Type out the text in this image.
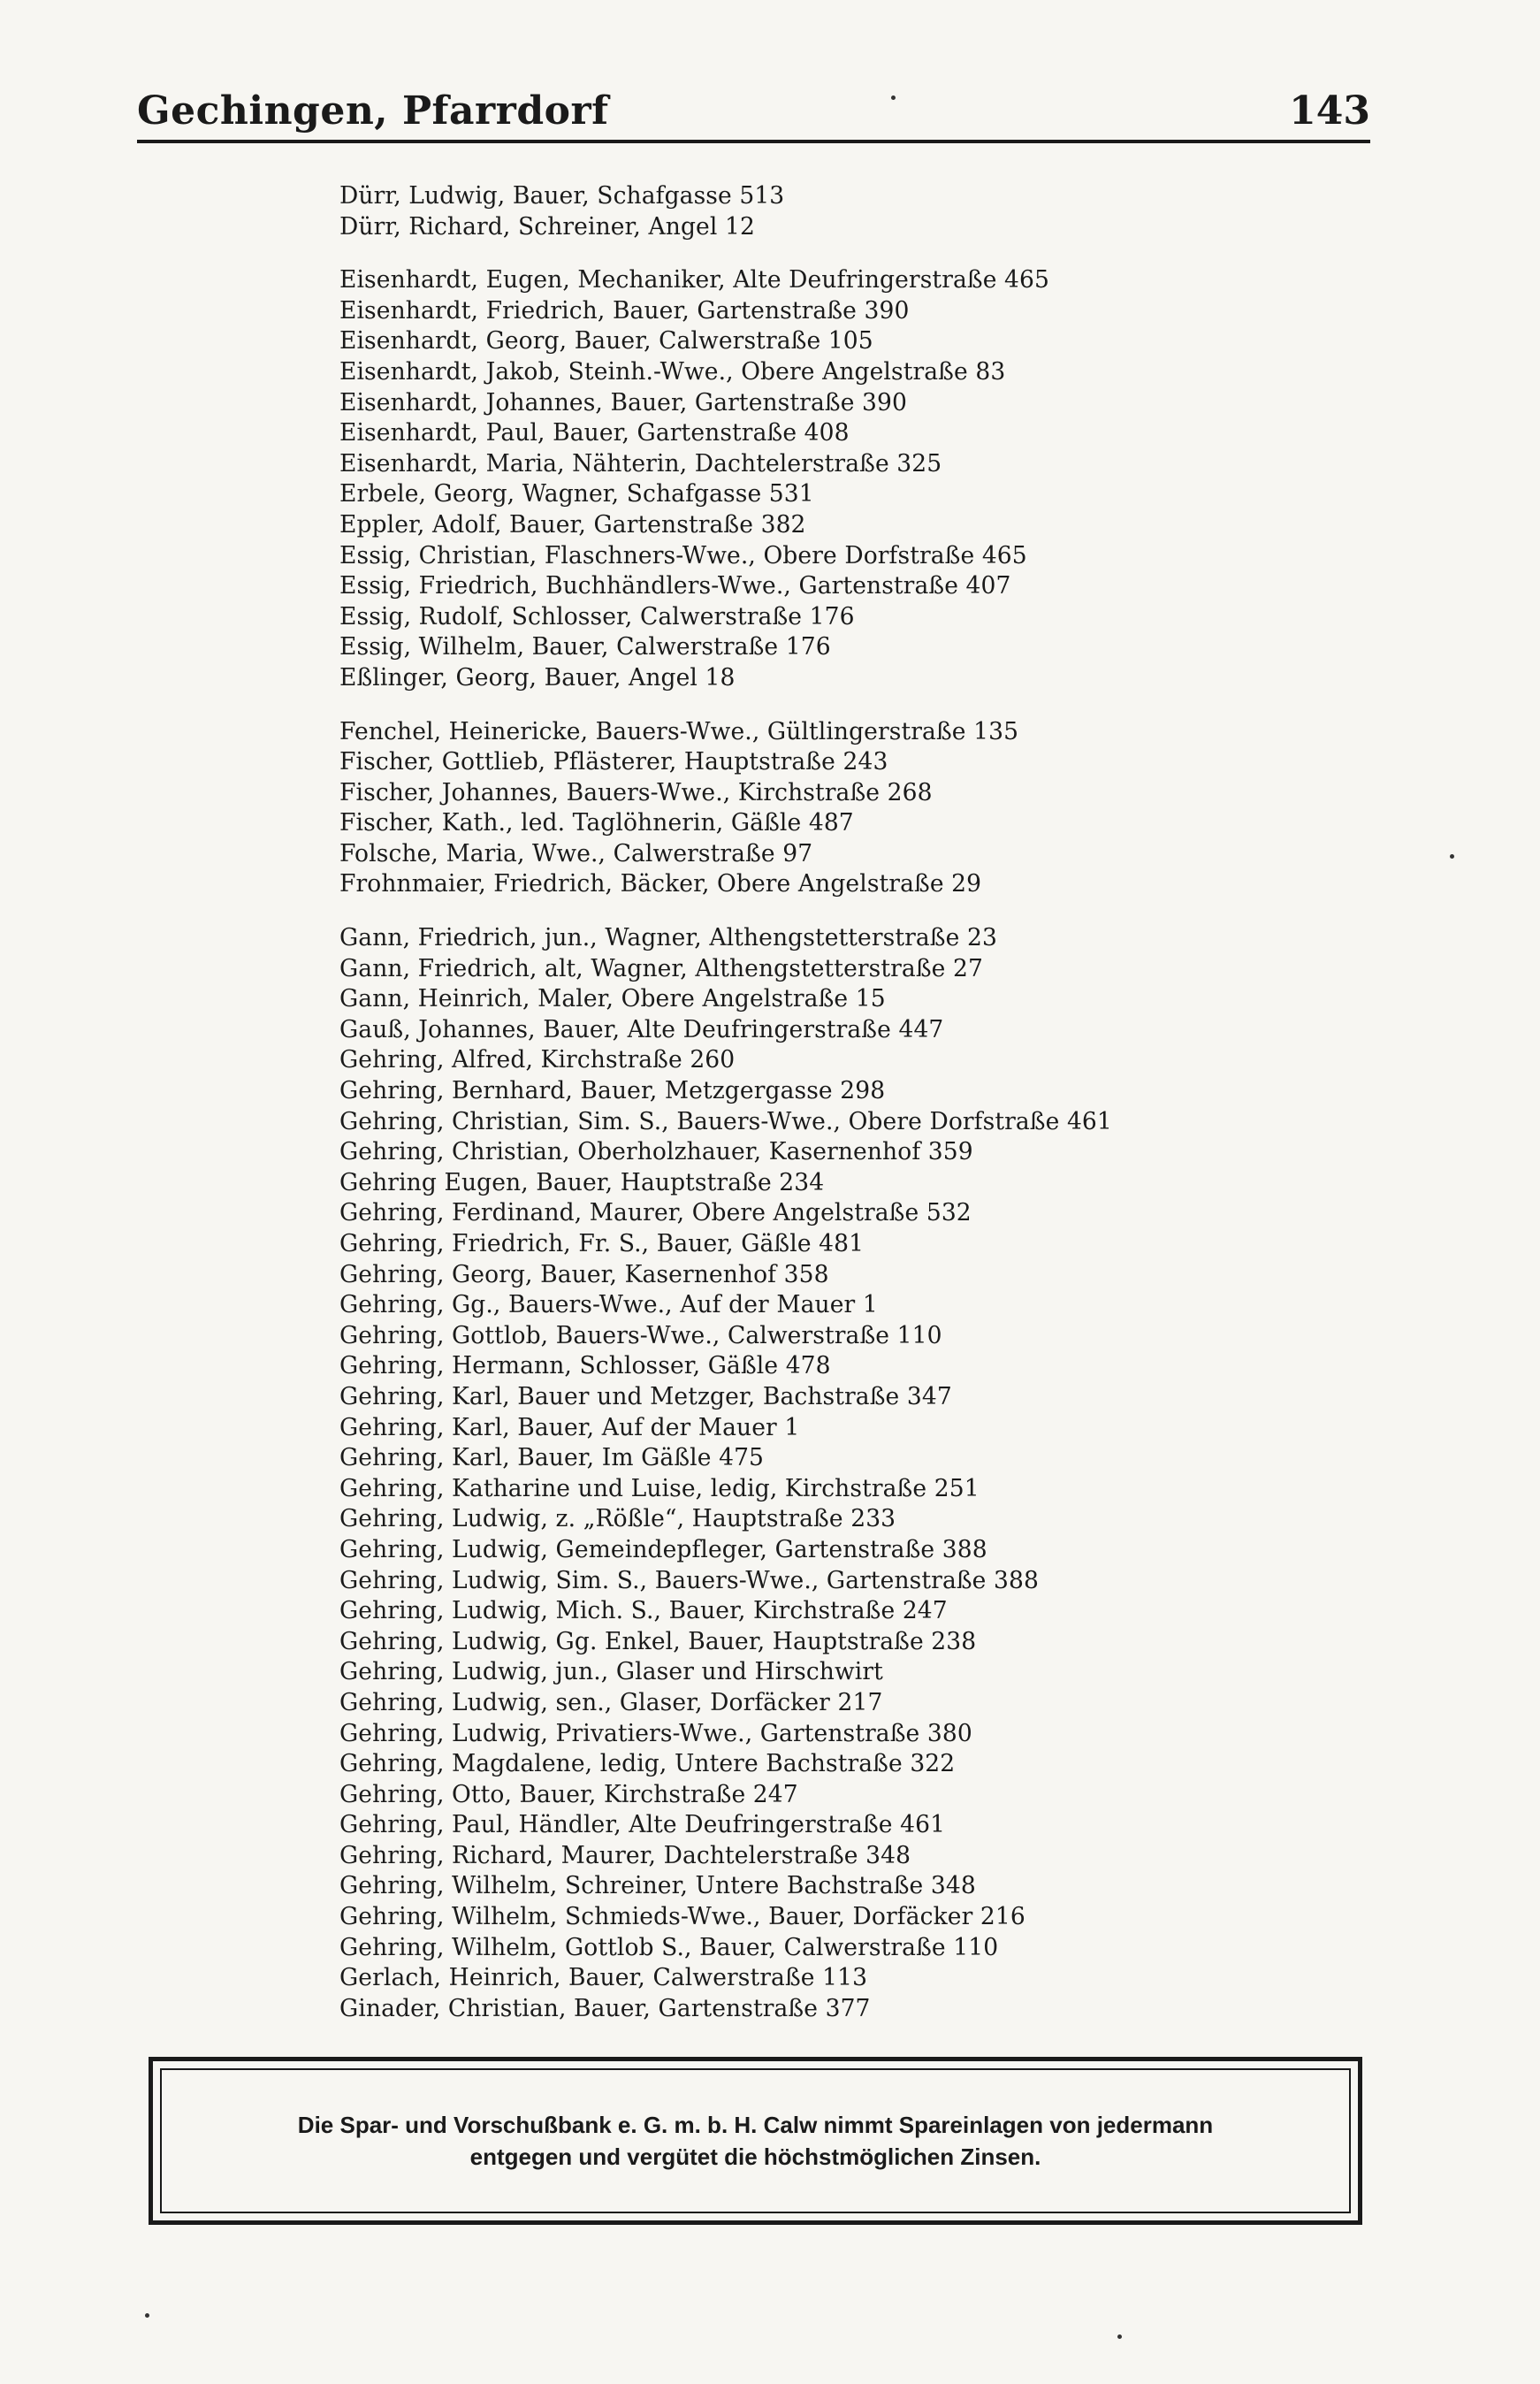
Gechingen, Pfarrdorf	143
Dürr, Ludwig, Bauer, Schafgasse 513
Dürr, Richard, Schreiner, Angel 12
Eisenhardt, Eugen, Mechaniker, Alte Deufringerstraße 465
Eisenhardt, Friedrich, Bauer, Gartenstraße 390
Eisenhardt, Georg, Bauer, Calwerstraße 105
Eisenhardt, Jakob, Steinh.-Wwe., Obere Angelstraße 83
Eisenhardt, Johannes, Bauer, Gartenstraße 390
Eisenhardt, Paul, Bauer, Gartenstraße 408
Eisenhardt, Maria, Nähterin, Dachtelerstraße 325
Erbele, Georg, Wagner, Schafgasse 531
Eppler, Adolf, Bauer, Gartenstraße 382
Essig, Christian, Flaschners-Wwe., Obere Dorfstraße 465
Essig, Friedrich, Buchhändlers-Wwe., Gartenstraße 407
Essig, Rudolf, Schlosser, Calwerstraße 176
Essig, Wilhelm, Bauer, Calwerstraße 176
Eßlinger, Georg, Bauer, Angel 18
Fenchel, Heinericke, Bauers-Wwe., Gültlingerstraße 135
Fischer, Gottlieb, Pflästerer, Hauptstraße 243
Fischer, Johannes, Bauers-Wwe., Kirchstraße 268
Fischer, Kath., led. Taglöhnerin, Gäßle 487
Folsche, Maria, Wwe., Calwerstraße 97
Frohnmaier, Friedrich, Bäcker, Obere Angelstraße 29
Gann, Friedrich, jun., Wagner, Althengstetterstraße 23
Gann, Friedrich, alt, Wagner, Althengstetterstraße 27
Gann, Heinrich, Maler, Obere Angelstraße 15
Gauß, Johannes, Bauer, Alte Deufringerstraße 447
Gehring, Alfred, Kirchstraße 260
Gehring, Bernhard, Bauer, Metzgergasse 298
Gehring, Christian, Sim. S., Bauers-Wwe., Obere Dorfstraße 461
Gehring, Christian, Oberholzhauer, Kasernenhof 359
Gehring Eugen, Bauer, Hauptstraße 234
Gehring, Ferdinand, Maurer, Obere Angelstraße 532
Gehring, Friedrich, Fr. S., Bauer, Gäßle 481
Gehring, Georg, Bauer, Kasernenhof 358
Gehring, Gg., Bauers-Wwe., Auf der Mauer 1
Gehring, Gottlob, Bauers-Wwe., Calwerstraße 110
Gehring, Hermann, Schlosser, Gäßle 478
Gehring, Karl, Bauer und Metzger, Bachstraße 347
Gehring, Karl, Bauer, Auf der Mauer 1
Gehring, Karl, Bauer, Im Gäßle 475
Gehring, Katharine und Luise, ledig, Kirchstraße 251
Gehring, Ludwig, z. „Rößle“, Hauptstraße 233
Gehring, Ludwig, Gemeindepfleger, Gartenstraße 388
Gehring, Ludwig, Sim. S., Bauers-Wwe., Gartenstraße 388
Gehring, Ludwig, Mich. S., Bauer, Kirchstraße 247
Gehring, Ludwig, Gg. Enkel, Bauer, Hauptstraße 238
Gehring, Ludwig, jun., Glaser und Hirschwirt
Gehring, Ludwig, sen., Glaser, Dorfäcker 217
Gehring, Ludwig, Privatiers-Wwe., Gartenstraße 380
Gehring, Magdalene, ledig, Untere Bachstraße 322
Gehring, Otto, Bauer, Kirchstraße 247
Gehring, Paul, Händler, Alte Deufringerstraße 461
Gehring, Richard, Maurer, Dachtelerstraße 348
Gehring, Wilhelm, Schreiner, Untere Bachstraße 348
Gehring, Wilhelm, Schmieds-Wwe., Bauer, Dorfäcker 216
Gehring, Wilhelm, Gottlob S., Bauer, Calwerstraße 110
Gerlach, Heinrich, Bauer, Calwerstraße 113
Ginader, Christian, Bauer, Gartenstraße 377
Die Spar- und Vorschußbank e. G. m. b. H. Calw nimmt Spareinlagen von jedermann
entgegen und vergütet die höchstmöglichen Zinsen.
